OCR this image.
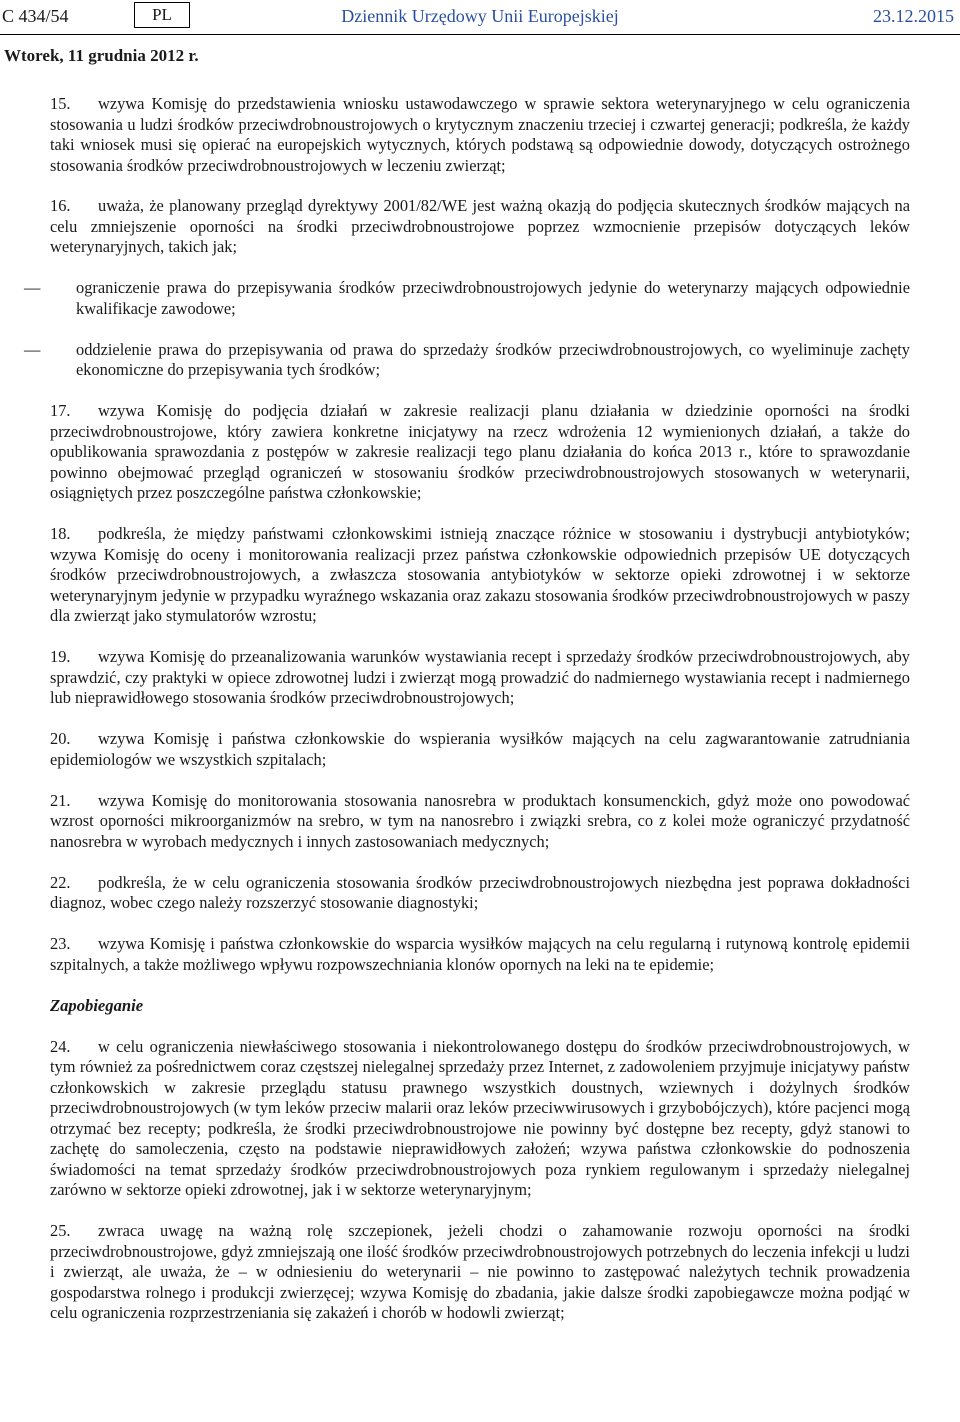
C 434/54	PL	Dziennik Urzędowy Unii Europejskiej	23.12.2015
Wtorek, 11 grudnia 2012 r.

15. wzywa Komisję do przedstawienia wniosku ustawodawczego w sprawie sektora weterynaryjnego w celu ograniczenia stosowania u ludzi środków przeciwdrobnoustrojowych o krytycznym znaczeniu trzeciej i czwartej generacji; podkreśla, że każdy taki wniosek musi się opierać na europejskich wytycznych, których podstawą są odpowiednie dowody, dotyczących ostrożnego stosowania środków przeciwdrobnoustrojowych w leczeniu zwierząt;

16. uważa, że planowany przegląd dyrektywy 2001/82/WE jest ważną okazją do podjęcia skutecznych środków mających na celu zmniejszenie oporności na środki przeciwdrobnoustrojowe poprzez wzmocnienie przepisów dotyczących leków weterynaryjnych, takich jak;

—	ograniczenie prawa do przepisywania środków przeciwdrobnoustrojowych jedynie do weterynarzy mających odpowiednie kwalifikacje zawodowe;
—	oddzielenie prawa do przepisywania od prawa do sprzedaży środków przeciwdrobnoustrojowych, co wyeliminuje zachęty ekonomiczne do przepisywania tych środków;

17. wzywa Komisję do podjęcia działań w zakresie realizacji planu działania w dziedzinie oporności na środki przeciwdrobnoustrojowe, który zawiera konkretne inicjatywy na rzecz wdrożenia 12 wymienionych działań, a także do opublikowania sprawozdania z postępów w zakresie realizacji tego planu działania do końca 2013 r., które to sprawozdanie powinno obejmować przegląd ograniczeń w stosowaniu środków przeciwdrobnoustrojowych stosowanych w weterynarii, osiągniętych przez poszczególne państwa członkowskie;

18. podkreśla, że między państwami członkowskimi istnieją znaczące różnice w stosowaniu i dystrybucji antybiotyków; wzywa Komisję do oceny i monitorowania realizacji przez państwa członkowskie odpowiednich przepisów UE dotyczących środków przeciwdrobnoustrojowych, a zwłaszcza stosowania antybiotyków w sektorze opieki zdrowotnej i w sektorze weterynaryjnym jedynie w przypadku wyraźnego wskazania oraz zakazu stosowania środków przeciwdrobnoustrojowych w paszy dla zwierząt jako stymulatorów wzrostu;

19. wzywa Komisję do przeanalizowania warunków wystawiania recept i sprzedaży środków przeciwdrobnoustrojowych, aby sprawdzić, czy praktyki w opiece zdrowotnej ludzi i zwierząt mogą prowadzić do nadmiernego wystawiania recept i nadmiernego lub nieprawidłowego stosowania środków przeciwdrobnoustrojowych;

20. wzywa Komisję i państwa członkowskie do wspierania wysiłków mających na celu zagwarantowanie zatrudniania epidemiologów we wszystkich szpitalach;

21. wzywa Komisję do monitorowania stosowania nanosrebra w produktach konsumenckich, gdyż może ono powodować wzrost oporności mikroorganizmów na srebro, w tym na nanosrebro i związki srebra, co z kolei może ograniczyć przydatność nanosrebra w wyrobach medycznych i innych zastosowaniach medycznych;

22. podkreśla, że w celu ograniczenia stosowania środków przeciwdrobnoustrojowych niezbędna jest poprawa dokładności diagnoz, wobec czego należy rozszerzyć stosowanie diagnostyki;

23. wzywa Komisję i państwa członkowskie do wsparcia wysiłków mających na celu regularną i rutynową kontrolę epidemii szpitalnych, a także możliwego wpływu rozpowszechniania klonów opornych na leki na te epidemie;

Zapobieganie

24. w celu ograniczenia niewłaściwego stosowania i niekontrolowanego dostępu do środków przeciwdrobnoustrojowych, w tym również za pośrednictwem coraz częstszej nielegalnej sprzedaży przez Internet, z zadowoleniem przyjmuje inicjatywy państw członkowskich w zakresie przeglądu statusu prawnego wszystkich doustnych, wziewnych i dożylnych środków przeciwdrobnoustrojowych (w tym leków przeciw malarii oraz leków przeciwwirusowych i grzybobójczych), które pacjenci mogą otrzymać bez recepty; podkreśla, że środki przeciwdrobnoustrojowe nie powinny być dostępne bez recepty, gdyż stanowi to zachętę do samoleczenia, często na podstawie nieprawidłowych założeń; wzywa państwa członkowskie do podnoszenia świadomości na temat sprzedaży środków przeciwdrobnoustrojowych poza rynkiem regulowanym i sprzedaży nielegalnej zarówno w sektorze opieki zdrowotnej, jak i w sektorze weterynaryjnym;

25. zwraca uwagę na ważną rolę szczepionek, jeżeli chodzi o zahamowanie rozwoju oporności na środki przeciwdrobnoustrojowe, gdyż zmniejszają one ilość środków przeciwdrobnoustrojowych potrzebnych do leczenia infekcji u ludzi i zwierząt, ale uważa, że – w odniesieniu do weterynarii – nie powinno to zastępować należytych technik prowadzenia gospodarstwa rolnego i produkcji zwierzęcej; wzywa Komisję do zbadania, jakie dalsze środki zapobiegawcze można podjąć w celu ograniczenia rozprzestrzeniania się zakażeń i chorób w hodowli zwierząt;
